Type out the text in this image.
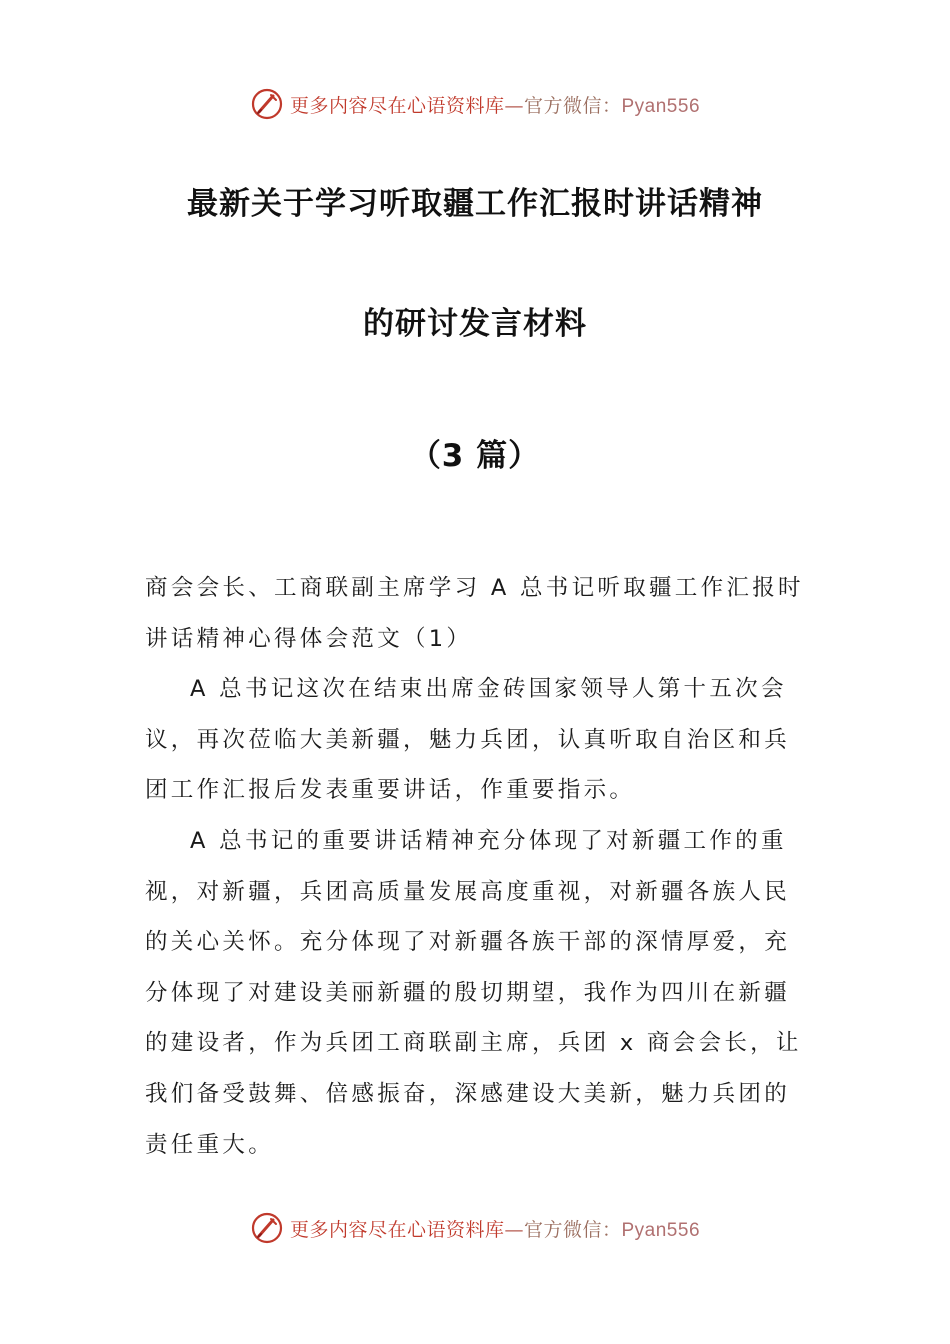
更多内容尽在心语资料库—官方微信：Pyan556
最新关于学习听取疆工作汇报时讲话精神
的研讨发言材料
（3 篇）

商会会长、工商联副主席学习 A 总书记听取疆工作汇报时讲话精神心得体会范文（1）

A 总书记这次在结束出席金砖国家领导人第十五次会议，再次莅临大美新疆，魅力兵团，认真听取自治区和兵团工作汇报后发表重要讲话，作重要指示。

A 总书记的重要讲话精神充分体现了对新疆工作的重视，对新疆，兵团高质量发展高度重视，对新疆各族人民的关心关怀。充分体现了对新疆各族干部的深情厚爱，充分体现了对建设美丽新疆的殷切期望，我作为四川在新疆的建设者，作为兵团工商联副主席，兵团 x 商会会长，让我们备受鼓舞、倍感振奋，深感建设大美新，魅力兵团的责任重大。

更多内容尽在心语资料库—官方微信：Pyan556
